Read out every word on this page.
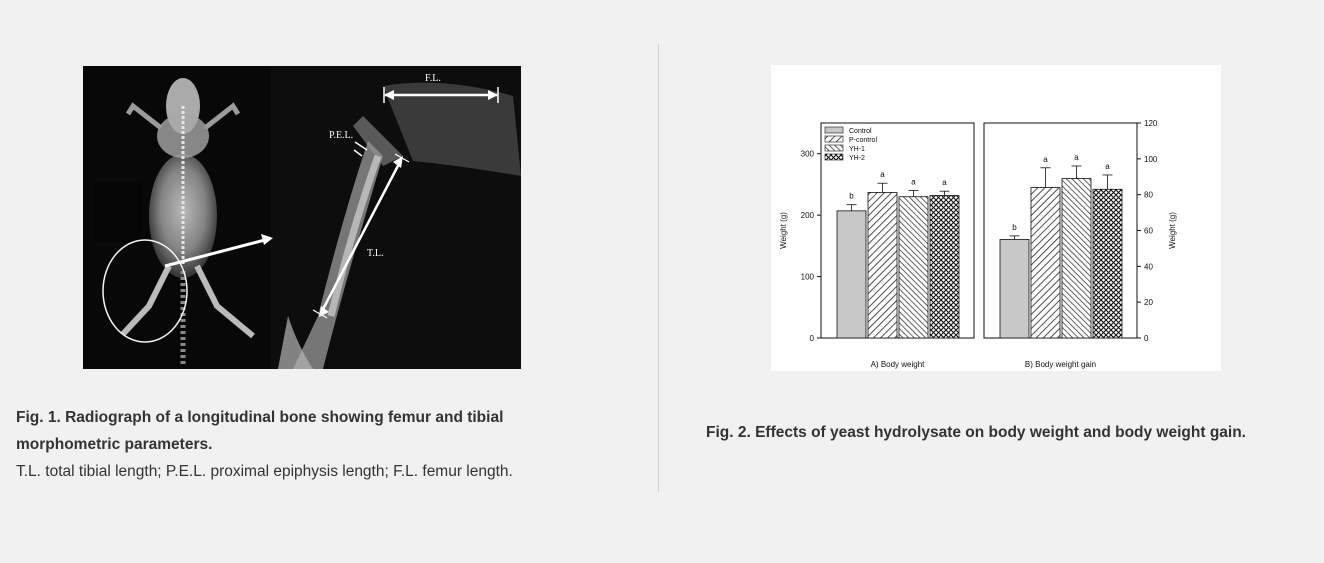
F.L.
P.E.L.
T.L.
Fig. 1. Radiograph of a longitudinal bone showing femur and tibial
morphometric parameters.
T.L. total tibial length; P.E.L. proximal epiphysis length; F.L. femur length.
0
100
200
300
Weight (g)
b
a
a	a
A) Body weight
Control
P-control
YH-1
YH-2
0
20
40
60
80
100
120
Weight (g)
b
a	a
a
B) Body weight gain
Fig. 2. Effects of yeast hydrolysate on body weight and body weight gain.
